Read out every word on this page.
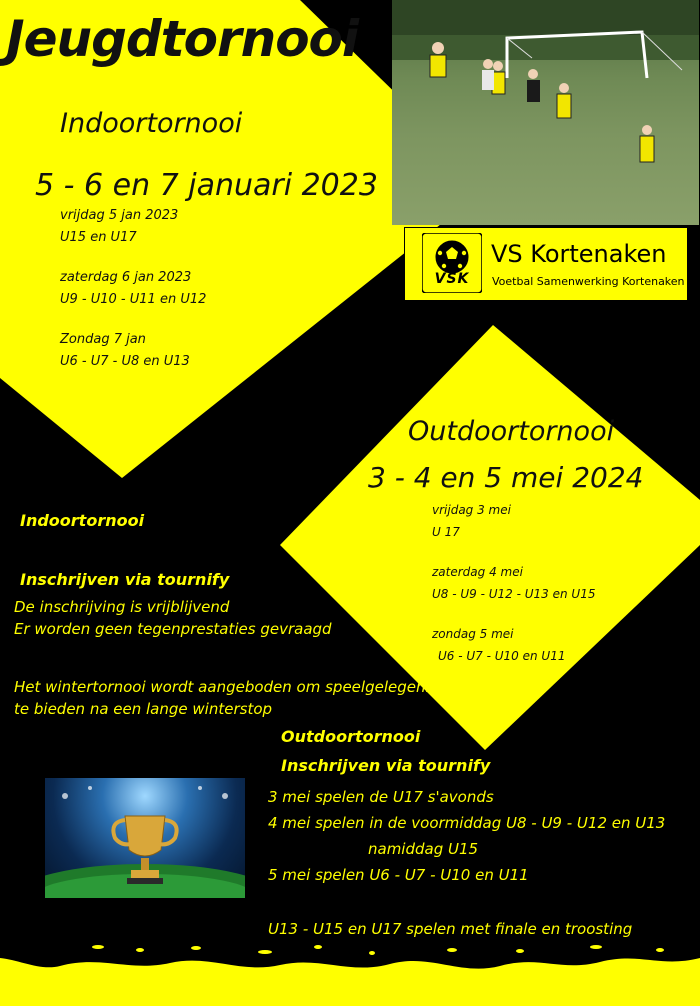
Jeugdtornooi
Indoortornooi
5 - 6 en 7 januari 2023
vrijdag 5 jan 2023
U15 en U17
zaterdag 6 jan 2023
U9 - U10 - U11 en U12
Zondag 7 jan
U6 - U7 - U8 en U13
VSK
VS Kortenaken
Voetbal Samenwerking Kortenaken
Outdoortornooi
3 - 4 en 5 mei 2024
vrijdag 3 mei
U 17
zaterdag 4 mei
U8 - U9 - U12 - U13 en U15
zondag 5 mei
U6 - U7 - U10 en U11
Indoortornooi
Inschrijven via tournify
De inschrijving is vrijblijvend
Er worden geen tegenprestaties gevraagd
Het wintertornooi wordt aangeboden om speelgelegenheid
te bieden na een lange winterstop
Outdoortornooi
Inschrijven via tournify
3 mei spelen de U17 s'avonds
4 mei spelen in de voormiddag U8 - U9 - U12 en U13
namiddag U15
5 mei spelen U6 - U7 - U10 en U11
U13 - U15 en U17 spelen met finale en troosting
